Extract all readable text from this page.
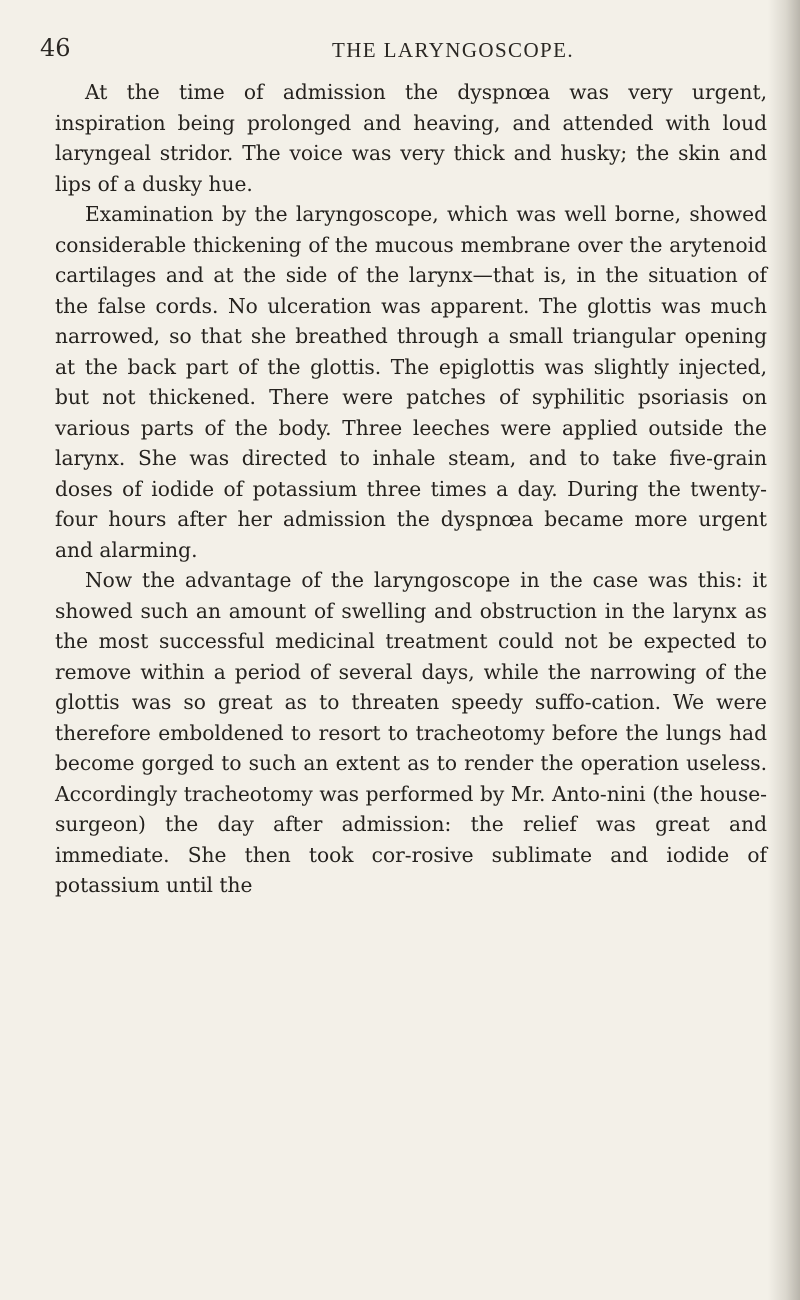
46	THE LARYNGOSCOPE.

At the time of admission the dyspnœa was very urgent, inspiration being prolonged and heaving, and attended with loud laryngeal stridor. The voice was very thick and husky; the skin and lips of a dusky hue.

Examination by the laryngoscope, which was well borne, showed considerable thickening of the mucous membrane over the arytenoid cartilages and at the side of the larynx—that is, in the situation of the false cords. No ulceration was apparent. The glottis was much narrowed, so that she breathed through a small triangular opening at the back part of the glottis. The epiglottis was slightly injected, but not thickened. There were patches of syphilitic psoriasis on various parts of the body. Three leeches were applied outside the larynx. She was directed to inhale steam, and to take five-grain doses of iodide of potassium three times a day. During the twenty-four hours after her admission the dyspnœa became more urgent and alarming.

Now the advantage of the laryngoscope in the case was this: it showed such an amount of swelling and obstruction in the larynx as the most successful medicinal treatment could not be expected to remove within a period of several days, while the narrowing of the glottis was so great as to threaten speedy suffo-cation. We were therefore emboldened to resort to tracheotomy before the lungs had become gorged to such an extent as to render the operation useless. Accordingly tracheotomy was performed by Mr. Anto-nini (the house-surgeon) the day after admission: the relief was great and immediate. She then took cor-rosive sublimate and iodide of potassium until the
